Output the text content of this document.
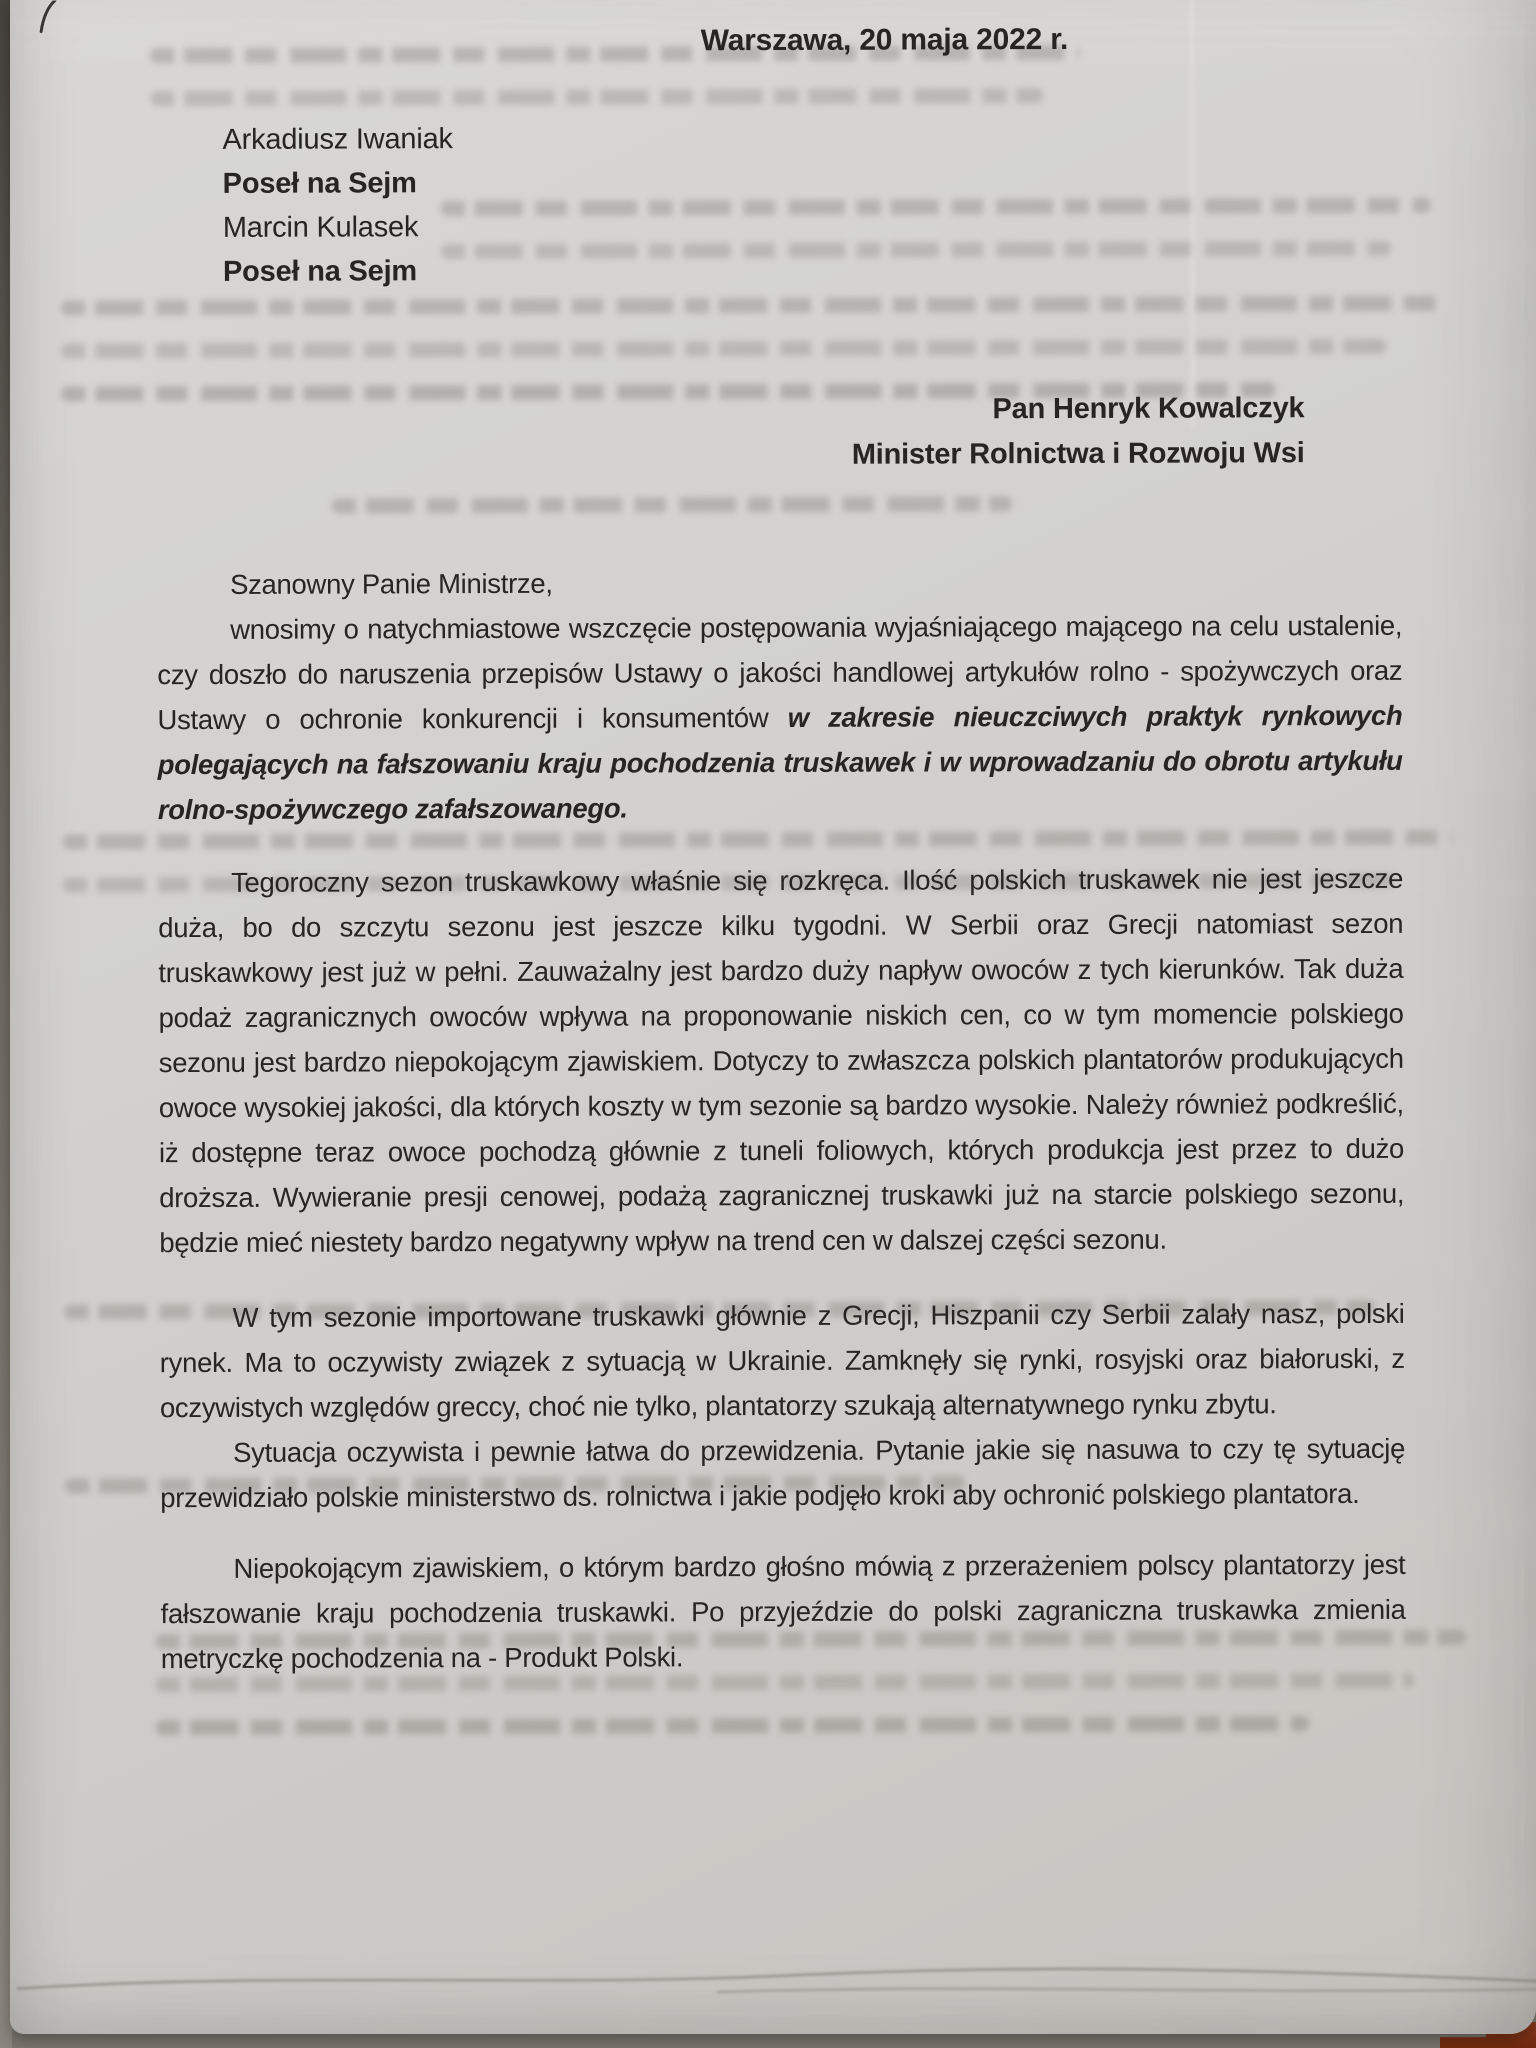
Warszawa, 20 maja 2022 r.
Arkadiusz Iwaniak
Poseł na Sejm
Marcin Kulasek
Poseł na Sejm
Pan Henryk Kowalczyk
Minister Rolnictwa i Rozwoju Wsi

Szanowny Panie Ministrze,

wnosimy o natychmiastowe wszczęcie postępowania wyjaśniającego mającego na celu ustalenie, czy doszło do naruszenia przepisów Ustawy o jakości handlowej artykułów rolno - spożywczych oraz Ustawy o ochronie konkurencji i konsumentów w zakresie nieuczciwych praktyk rynkowych polegających na fałszowaniu kraju pochodzenia truskawek i w wprowadzaniu do obrotu artykułu rolno-spożywczego zafałszowanego.

Tegoroczny sezon truskawkowy właśnie się rozkręca. Ilość polskich truskawek nie jest jeszcze duża, bo do szczytu sezonu jest jeszcze kilku tygodni. W Serbii oraz Grecji natomiast sezon truskawkowy jest już w pełni. Zauważalny jest bardzo duży napływ owoców z tych kierunków. Tak duża podaż zagranicznych owoców wpływa na proponowanie niskich cen, co w tym momencie polskiego sezonu jest bardzo niepokojącym zjawiskiem. Dotyczy to zwłaszcza polskich plantatorów produkujących owoce wysokiej jakości, dla których koszty w tym sezonie są bardzo wysokie. Należy również podkreślić, iż dostępne teraz owoce pochodzą głównie z tuneli foliowych, których produkcja jest przez to dużo droższa. Wywieranie presji cenowej, podażą zagranicznej truskawki już na starcie polskiego sezonu, będzie mieć niestety bardzo negatywny wpływ na trend cen w dalszej części sezonu.

W tym sezonie importowane truskawki głównie z Grecji, Hiszpanii czy Serbii zalały nasz, polski rynek. Ma to oczywisty związek z sytuacją w Ukrainie. Zamknęły się rynki, rosyjski oraz białoruski, z oczywistych względów greccy, choć nie tylko, plantatorzy szukają alternatywnego rynku zbytu.

Sytuacja oczywista i pewnie łatwa do przewidzenia. Pytanie jakie się nasuwa to czy tę sytuację przewidziało polskie ministerstwo ds. rolnictwa i jakie podjęło kroki aby ochronić polskiego plantatora.

Niepokojącym zjawiskiem, o którym bardzo głośno mówią z przerażeniem polscy plantatorzy jest fałszowanie kraju pochodzenia truskawki. Po przyjeździe do polski zagraniczna truskawka zmienia metryczkę pochodzenia na - Produkt Polski.
